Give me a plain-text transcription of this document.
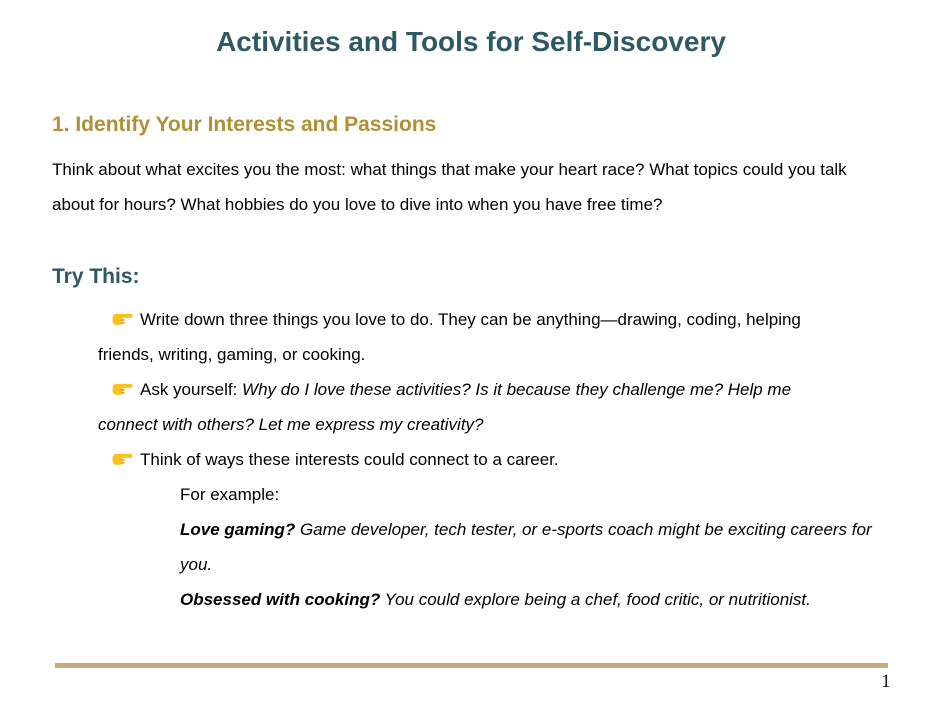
Activities and Tools for Self-Discovery
1. Identify Your Interests and Passions

Think about what excites you the most: what things that make your heart race? What topics could you talk about for hours? What hobbies do you love to dive into when you have free time?

Try This:
Write down three things you love to do. They can be anything—drawing, coding, helping friends, writing, gaming, or cooking.
Ask yourself: Why do I love these activities? Is it because they challenge me? Help me connect with others? Let me express my creativity?
Think of ways these interests could connect to a career.

For example:

Love gaming? Game developer, tech tester, or e-sports coach might be exciting careers for you.

Obsessed with cooking? You could explore being a chef, food critic, or nutritionist.

1
